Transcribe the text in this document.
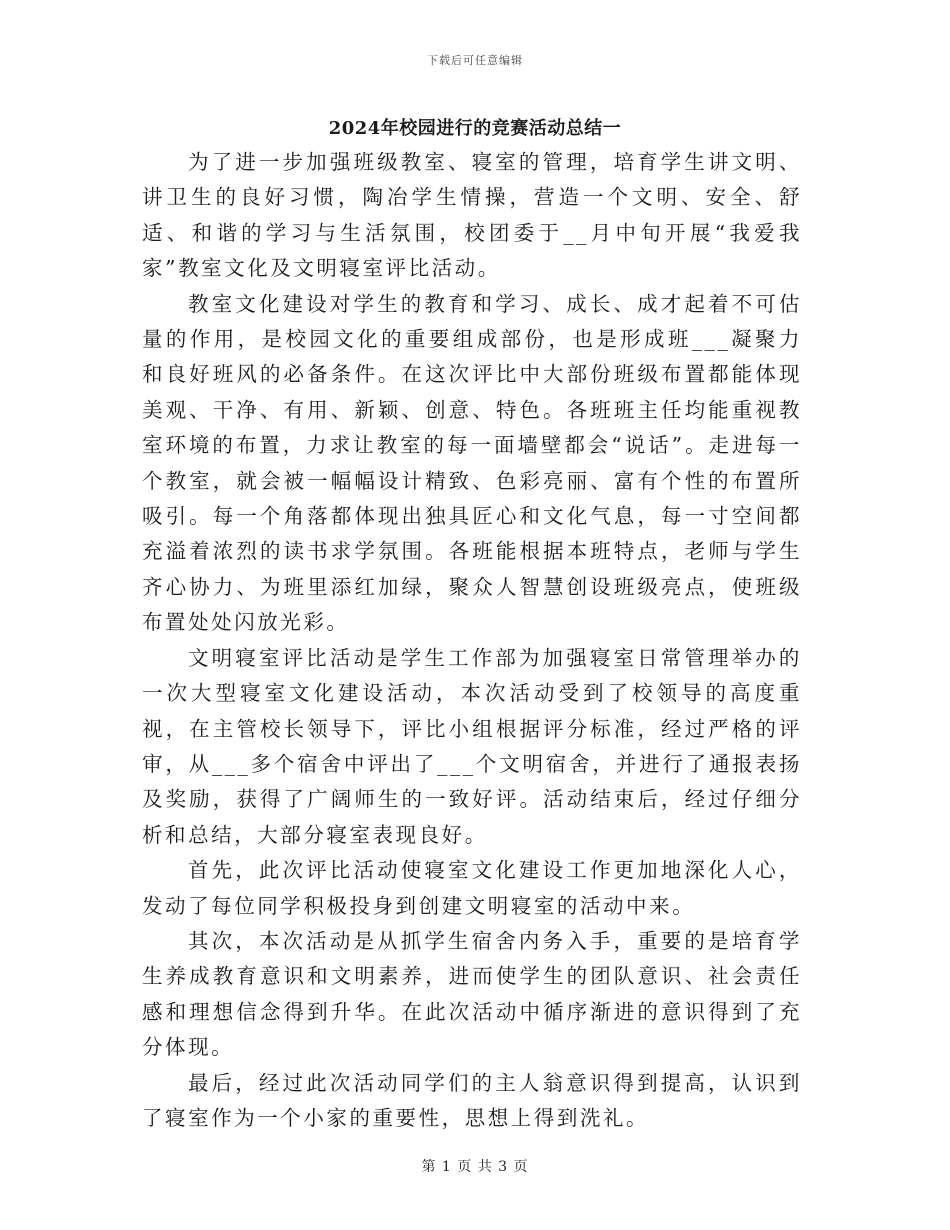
下载后可任意编辑
2024年校园进行的竞赛活动总结一

为了进一步加强班级教室、寝室的管理，培育学生讲文明、讲卫生的良好习惯，陶冶学生情操，营造一个文明、安全、舒适、和谐的学习与生活氛围，校团委于__月中旬开展“我爱我家”教室文化及文明寝室评比活动。

教室文化建设对学生的教育和学习、成长、成才起着不可估量的作用，是校园文化的重要组成部份，也是形成班___凝聚力和良好班风的必备条件。在这次评比中大部份班级布置都能体现美观、干净、有用、新颖、创意、特色。各班班主任均能重视教室环境的布置，力求让教室的每一面墙壁都会“说话”。走进每一个教室，就会被一幅幅设计精致、色彩亮丽、富有个性的布置所吸引。每一个角落都体现出独具匠心和文化气息，每一寸空间都充溢着浓烈的读书求学氛围。各班能根据本班特点，老师与学生齐心协力、为班里添红加绿，聚众人智慧创设班级亮点，使班级布置处处闪放光彩。

文明寝室评比活动是学生工作部为加强寝室日常管理举办的一次大型寝室文化建设活动，本次活动受到了校领导的高度重视，在主管校长领导下，评比小组根据评分标准，经过严格的评审，从___多个宿舍中评出了___个文明宿舍，并进行了通报表扬及奖励，获得了广阔师生的一致好评。活动结束后，经过仔细分析和总结，大部分寝室表现良好。

首先，此次评比活动使寝室文化建设工作更加地深化人心，发动了每位同学积极投身到创建文明寝室的活动中来。

其次，本次活动是从抓学生宿舍内务入手，重要的是培育学生养成教育意识和文明素养，进而使学生的团队意识、社会责任感和理想信念得到升华。在此次活动中循序渐进的意识得到了充分体现。

最后，经过此次活动同学们的主人翁意识得到提高，认识到了寝室作为一个小家的重要性，思想上得到洗礼。

第 1 页 共 3 页
